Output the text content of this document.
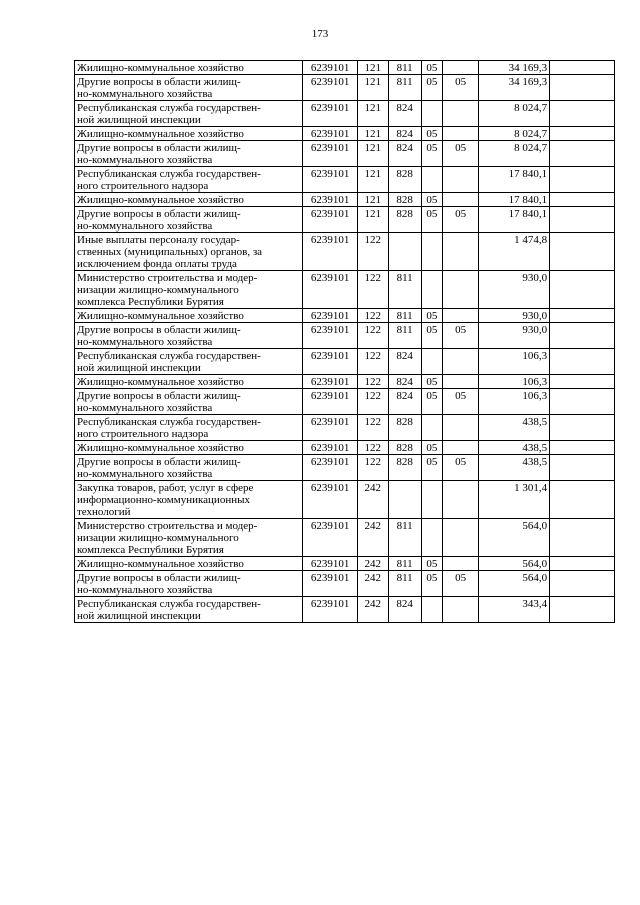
173
Жилищно-коммунальное хозяйство	6239101	121	811	05		34 169,3	
Другие вопросы в области жилищ-
но-коммунального хозяйства	6239101	121	811	05	05	34 169,3	
Республиканская служба государствен-
ной жилищной инспекции	6239101	121	824			8 024,7	
Жилищно-коммунальное хозяйство	6239101	121	824	05		8 024,7	
Другие вопросы в области жилищ-
но-коммунального хозяйства	6239101	121	824	05	05	8 024,7	
Республиканская служба государствен-
ного строительного надзора	6239101	121	828			17 840,1	
Жилищно-коммунальное хозяйство	6239101	121	828	05		17 840,1	
Другие вопросы в области жилищ-
но-коммунального хозяйства	6239101	121	828	05	05	17 840,1	
Иные выплаты персоналу государ-
ственных (муниципальных) органов, за
исключением фонда оплаты труда	6239101	122				1 474,8	
Министерство строительства и модер-
низации жилищно-коммунального
комплекса Республики Бурятия	6239101	122	811			930,0	
Жилищно-коммунальное хозяйство	6239101	122	811	05		930,0	
Другие вопросы в области жилищ-
но-коммунального хозяйства	6239101	122	811	05	05	930,0	
Республиканская служба государствен-
ной жилищной инспекции	6239101	122	824			106,3	
Жилищно-коммунальное хозяйство	6239101	122	824	05		106,3	
Другие вопросы в области жилищ-
но-коммунального хозяйства	6239101	122	824	05	05	106,3	
Республиканская служба государствен-
ного строительного надзора	6239101	122	828			438,5	
Жилищно-коммунальное хозяйство	6239101	122	828	05		438,5	
Другие вопросы в области жилищ-
но-коммунального хозяйства	6239101	122	828	05	05	438,5	
Закупка товаров, работ, услуг в сфере
информационно-коммуникационных
технологий	6239101	242				1 301,4	
Министерство строительства и модер-
низации жилищно-коммунального
комплекса Республики Бурятия	6239101	242	811			564,0	
Жилищно-коммунальное хозяйство	6239101	242	811	05		564,0	
Другие вопросы в области жилищ-
но-коммунального хозяйства	6239101	242	811	05	05	564,0	
Республиканская служба государствен-
ной жилищной инспекции	6239101	242	824			343,4	
